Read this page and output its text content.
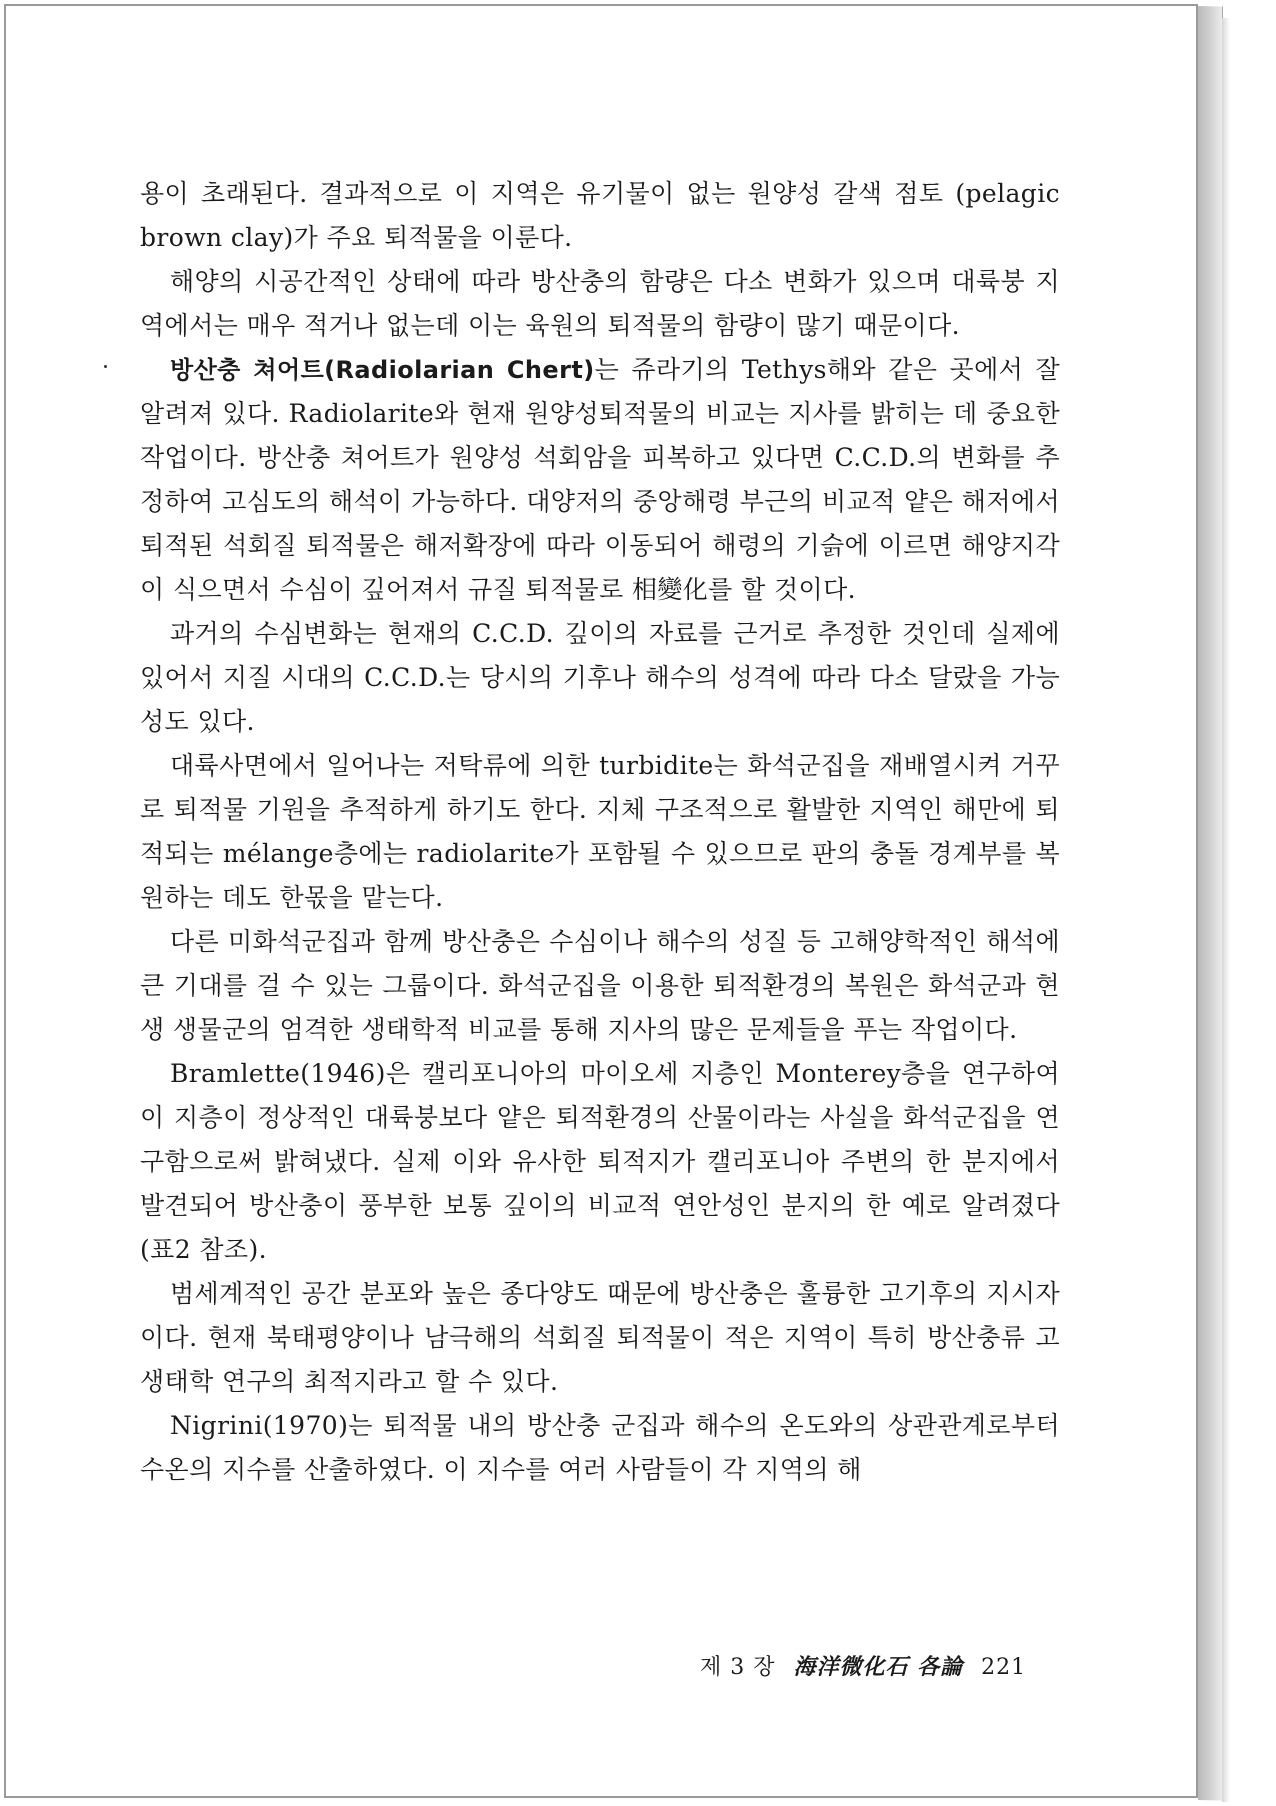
용이 초래된다. 결과적으로 이 지역은 유기물이 없는 원양성 갈색 점토 (pelagic brown clay)가 주요 퇴적물을 이룬다.

해양의 시공간적인 상태에 따라 방산충의 함량은 다소 변화가 있으며 대륙붕 지역에서는 매우 적거나 없는데 이는 육원의 퇴적물의 함량이 많기 때문이다.

방산충 쳐어트(Radiolarian Chert)는 쥬라기의 Tethys해와 같은 곳에서 잘 알려져 있다. Radiolarite와 현재 원양성퇴적물의 비교는 지사를 밝히는 데 중요한 작업이다. 방산충 쳐어트가 원양성 석회암을 피복하고 있다면 C.C.D.의 변화를 추정하여 고심도의 해석이 가능하다. 대양저의 중앙해령 부근의 비교적 얕은 해저에서 퇴적된 석회질 퇴적물은 해저확장에 따라 이동되어 해령의 기슭에 이르면 해양지각이 식으면서 수심이 깊어져서 규질 퇴적물로 相變化를 할 것이다.

과거의 수심변화는 현재의 C.C.D. 깊이의 자료를 근거로 추정한 것인데 실제에 있어서 지질 시대의 C.C.D.는 당시의 기후나 해수의 성격에 따라 다소 달랐을 가능성도 있다.

대륙사면에서 일어나는 저탁류에 의한 turbidite는 화석군집을 재배열시켜 거꾸로 퇴적물 기원을 추적하게 하기도 한다. 지체 구조적으로 활발한 지역인 해만에 퇴적되는 mélange층에는 radiolarite가 포함될 수 있으므로 판의 충돌 경계부를 복원하는 데도 한몫을 맡는다.

다른 미화석군집과 함께 방산충은 수심이나 해수의 성질 등 고해양학적인 해석에 큰 기대를 걸 수 있는 그룹이다. 화석군집을 이용한 퇴적환경의 복원은 화석군과 현생 생물군의 엄격한 생태학적 비교를 통해 지사의 많은 문제들을 푸는 작업이다.

Bramlette(1946)은 캘리포니아의 마이오세 지층인 Monterey층을 연구하여 이 지층이 정상적인 대륙붕보다 얕은 퇴적환경의 산물이라는 사실을 화석군집을 연구함으로써 밝혀냈다. 실제 이와 유사한 퇴적지가 캘리포니아 주변의 한 분지에서 발견되어 방산충이 풍부한 보통 깊이의 비교적 연안성인 분지의 한 예로 알려졌다(표2 참조).

범세계적인 공간 분포와 높은 종다양도 때문에 방산충은 훌륭한 고기후의 지시자이다. 현재 북태평양이나 남극해의 석회질 퇴적물이 적은 지역이 특히 방산충류 고생태학 연구의 최적지라고 할 수 있다.

Nigrini(1970)는 퇴적물 내의 방산충 군집과 해수의 온도와의 상관관계로부터 수온의 지수를 산출하였다. 이 지수를 여러 사람들이 각 지역의 해

제 3 장 海洋微化石 各論 221
